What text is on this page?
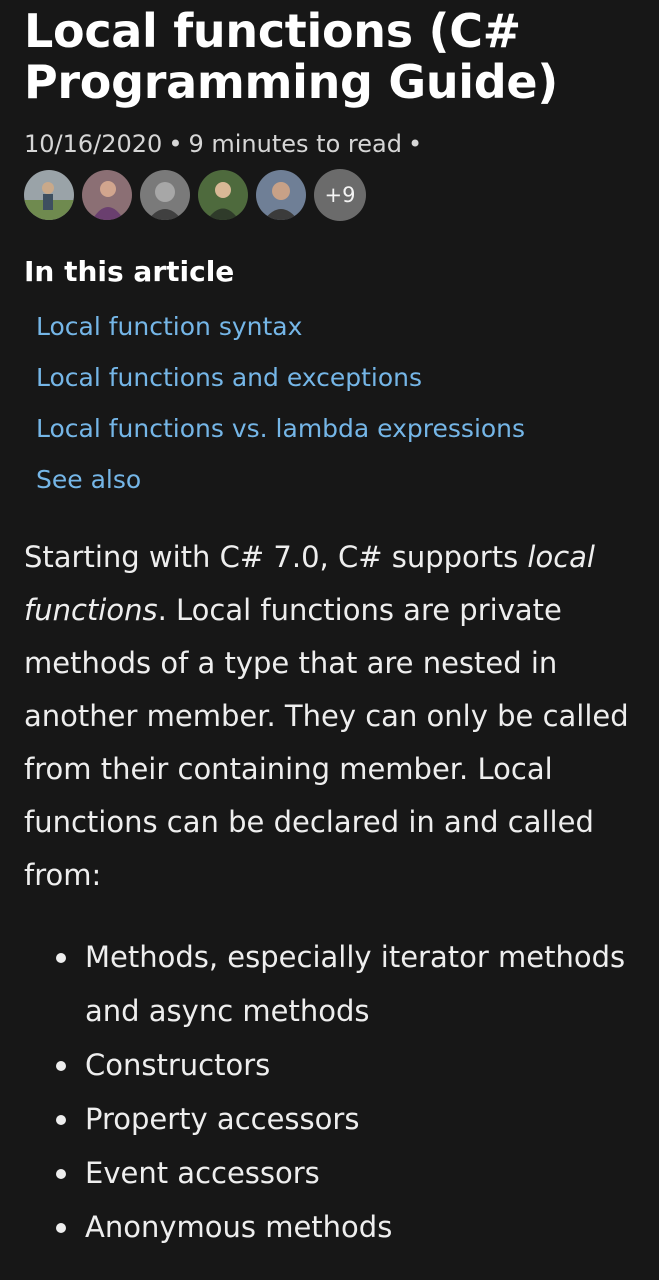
Local functions (C#
Programming Guide)
10/16/2020 • 9 minutes to read •
+9
In this article
Local function syntax
Local functions and exceptions
Local functions vs. lambda expressions
See also

Starting with C# 7.0, C# supports local functions. Local functions are private methods of a type that are nested in another member. They can only be called from their containing member. Local functions can be declared in and called from:

Methods, especially iterator methods and async methods
Constructors
Property accessors
Event accessors
Anonymous methods
